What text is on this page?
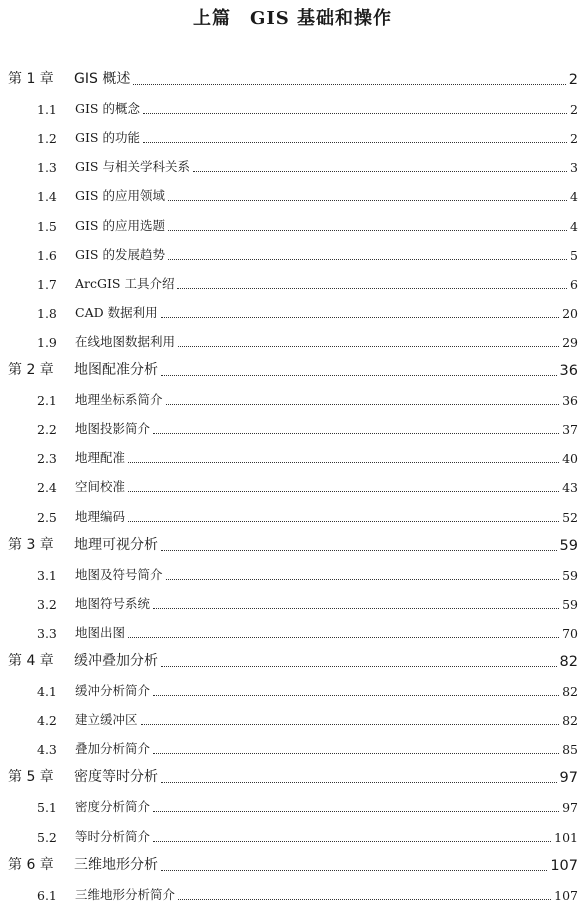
上篇　GIS 基础和操作
第 1 章	GIS 概述	2
1.1	GIS 的概念	2
1.2	GIS 的功能	2
1.3	GIS 与相关学科关系	3
1.4	GIS 的应用领域	4
1.5	GIS 的应用选题	4
1.6	GIS 的发展趋势	5
1.7	ArcGIS 工具介绍	6
1.8	CAD 数据利用	20
1.9	在线地图数据利用	29
第 2 章	地图配准分析	36
2.1	地理坐标系简介	36
2.2	地图投影简介	37
2.3	地理配准	40
2.4	空间校准	43
2.5	地理编码	52
第 3 章	地理可视分析	59
3.1	地图及符号简介	59
3.2	地图符号系统	59
3.3	地图出图	70
第 4 章	缓冲叠加分析	82
4.1	缓冲分析简介	82
4.2	建立缓冲区	82
4.3	叠加分析简介	85
第 5 章	密度等时分析	97
5.1	密度分析简介	97
5.2	等时分析简介	101
第 6 章	三维地形分析	107
6.1	三维地形分析简介	107
